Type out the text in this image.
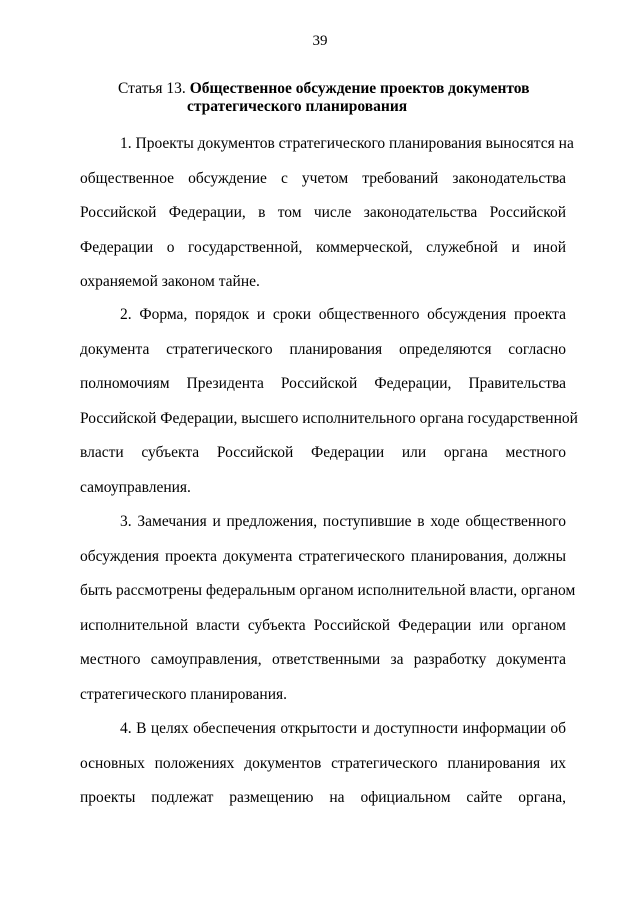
39
Статья 13. Общественное обсуждение проектов документов
стратегического планирования
1. Проекты документов стратегического планирования выносятся на
общественное обсуждение с учетом требований законодательства
Российской Федерации, в том числе законодательства Российской
Федерации о государственной, коммерческой, служебной и иной
охраняемой законом тайне.
2. Форма, порядок и сроки общественного обсуждения проекта
документа стратегического планирования определяются согласно
полномочиям Президента Российской Федерации, Правительства
Российской Федерации, высшего исполнительного органа государственной
власти субъекта Российской Федерации или органа местного
самоуправления.
3. Замечания и предложения, поступившие в ходе общественного
обсуждения проекта документа стратегического планирования, должны
быть рассмотрены федеральным органом исполнительной власти, органом
исполнительной власти субъекта Российской Федерации или органом
местного самоуправления, ответственными за разработку документа
стратегического планирования.
4. В целях обеспечения открытости и доступности информации об
основных положениях документов стратегического планирования их
проекты подлежат размещению на официальном сайте органа,
